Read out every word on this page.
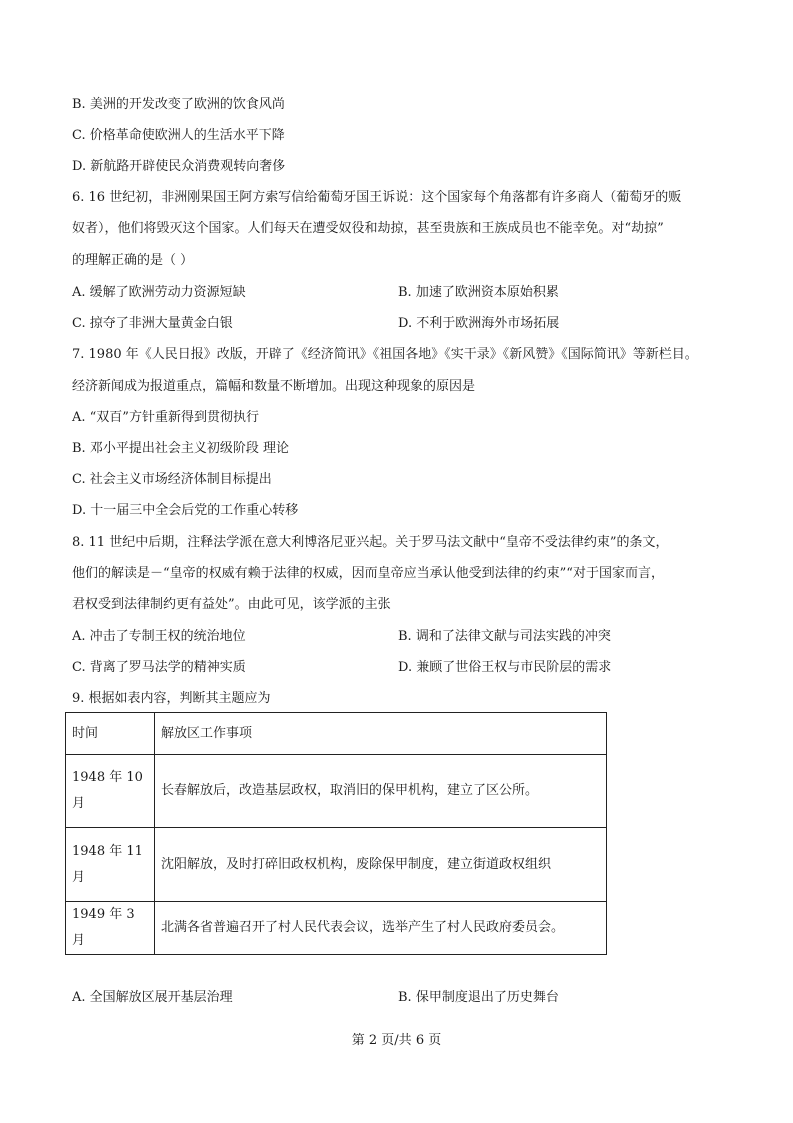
B. 美洲的开发改变了欧洲的饮食风尚
C. 价格革命使欧洲人的生活水平下降
D. 新航路开辟使民众消费观转向奢侈
6. 16 世纪初，非洲刚果国王阿方索写信给葡萄牙国王诉说：这个国家每个角落都有许多商人（葡萄牙的贩
奴者），他们将毁灭这个国家。人们每天在遭受奴役和劫掠，甚至贵族和王族成员也不能幸免。对“劫掠”
的理解正确的是（ ）
A. 缓解了欧洲劳动力资源短缺	B. 加速了欧洲资本原始积累
C. 掠夺了非洲大量黄金白银	D. 不利于欧洲海外市场拓展
7. 1980 年《人民日报》改版，开辟了《经济简讯》《祖国各地》《实干录》《新风赞》《国际简讯》等新栏目。
经济新闻成为报道重点，篇幅和数量不断增加。出现这种现象的原因是
A. “双百”方针重新得到贯彻执行
B. 邓小平提出社会主义初级阶段 理论
C. 社会主义市场经济体制目标提出
D. 十一届三中全会后党的工作重心转移
8. 11 世纪中后期，注释法学派在意大利博洛尼亚兴起。关于罗马法文献中“皇帝不受法律约束”的条文，
他们的解读是－“皇帝的权威有赖于法律的权威，因而皇帝应当承认他受到法律的约束”“对于国家而言，
君权受到法律制约更有益处”。由此可见，该学派的主张
A. 冲击了专制王权的统治地位	B. 调和了法律文献与司法实践的冲突
C. 背离了罗马法学的精神实质	D. 兼顾了世俗王权与市民阶层的需求
9. 根据如表内容，判断其主题应为
时间	解放区工作事项

1948 年 10
月	长春解放后，改造基层政权，取消旧的保甲机构，建立了区公所。

1948 年 11
月	沈阳解放，及时打碎旧政权机构，废除保甲制度，建立街道政权组织
1949 年 3 月	北满各省普遍召开了村人民代表会议，选举产生了村人民政府委员会。
A. 全国解放区展开基层治理	B. 保甲制度退出了历史舞台
第 2 页/共 6 页
